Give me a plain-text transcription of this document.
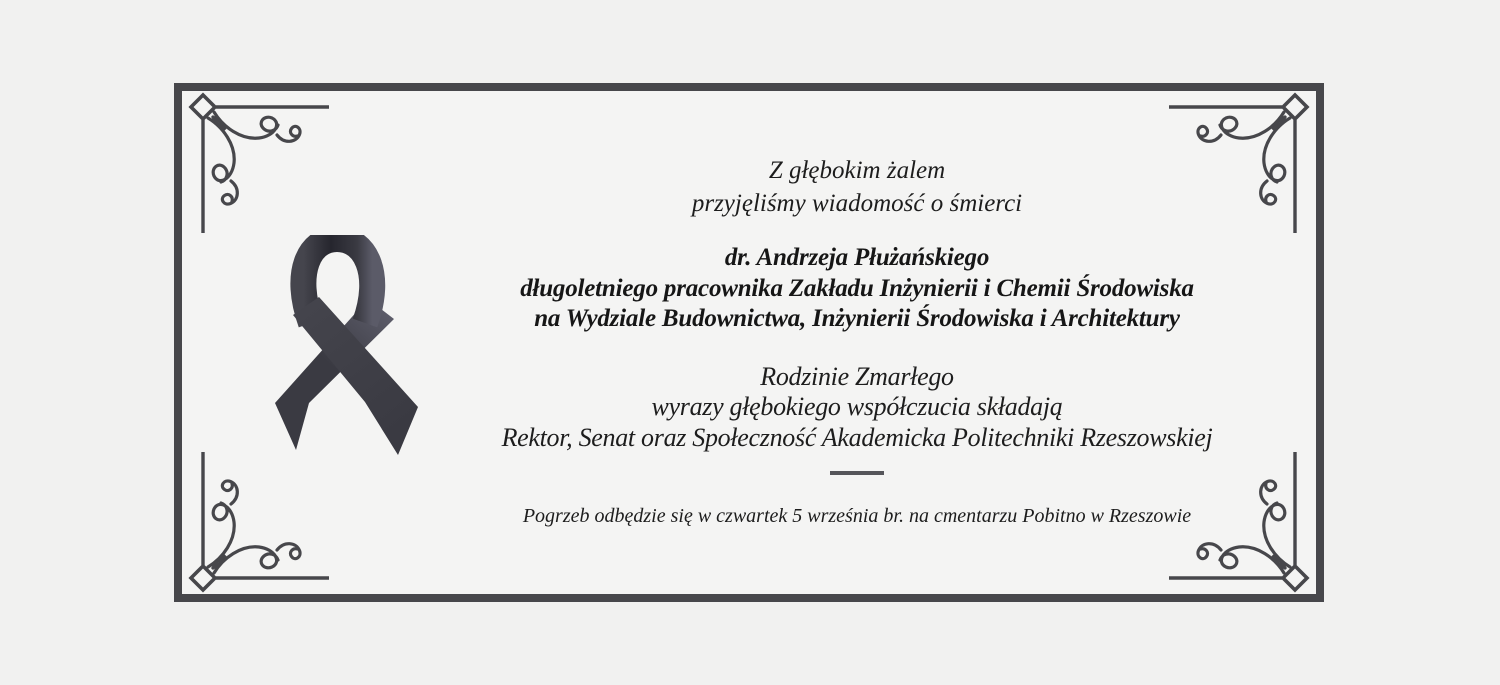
Z głębokim żalem

przyjęliśmy wiadomość o śmierci

dr. Andrzeja Płużańskiego

długoletniego pracownika Zakładu Inżynierii i Chemii Środowiska

na Wydziale Budownictwa, Inżynierii Środowiska i Architektury

Rodzinie Zmarłego

wyrazy głębokiego współczucia składają

Rektor, Senat oraz Społeczność Akademicka Politechniki Rzeszowskiej

Pogrzeb odbędzie się w czwartek 5 września br. na cmentarzu Pobitno w Rzeszowie
